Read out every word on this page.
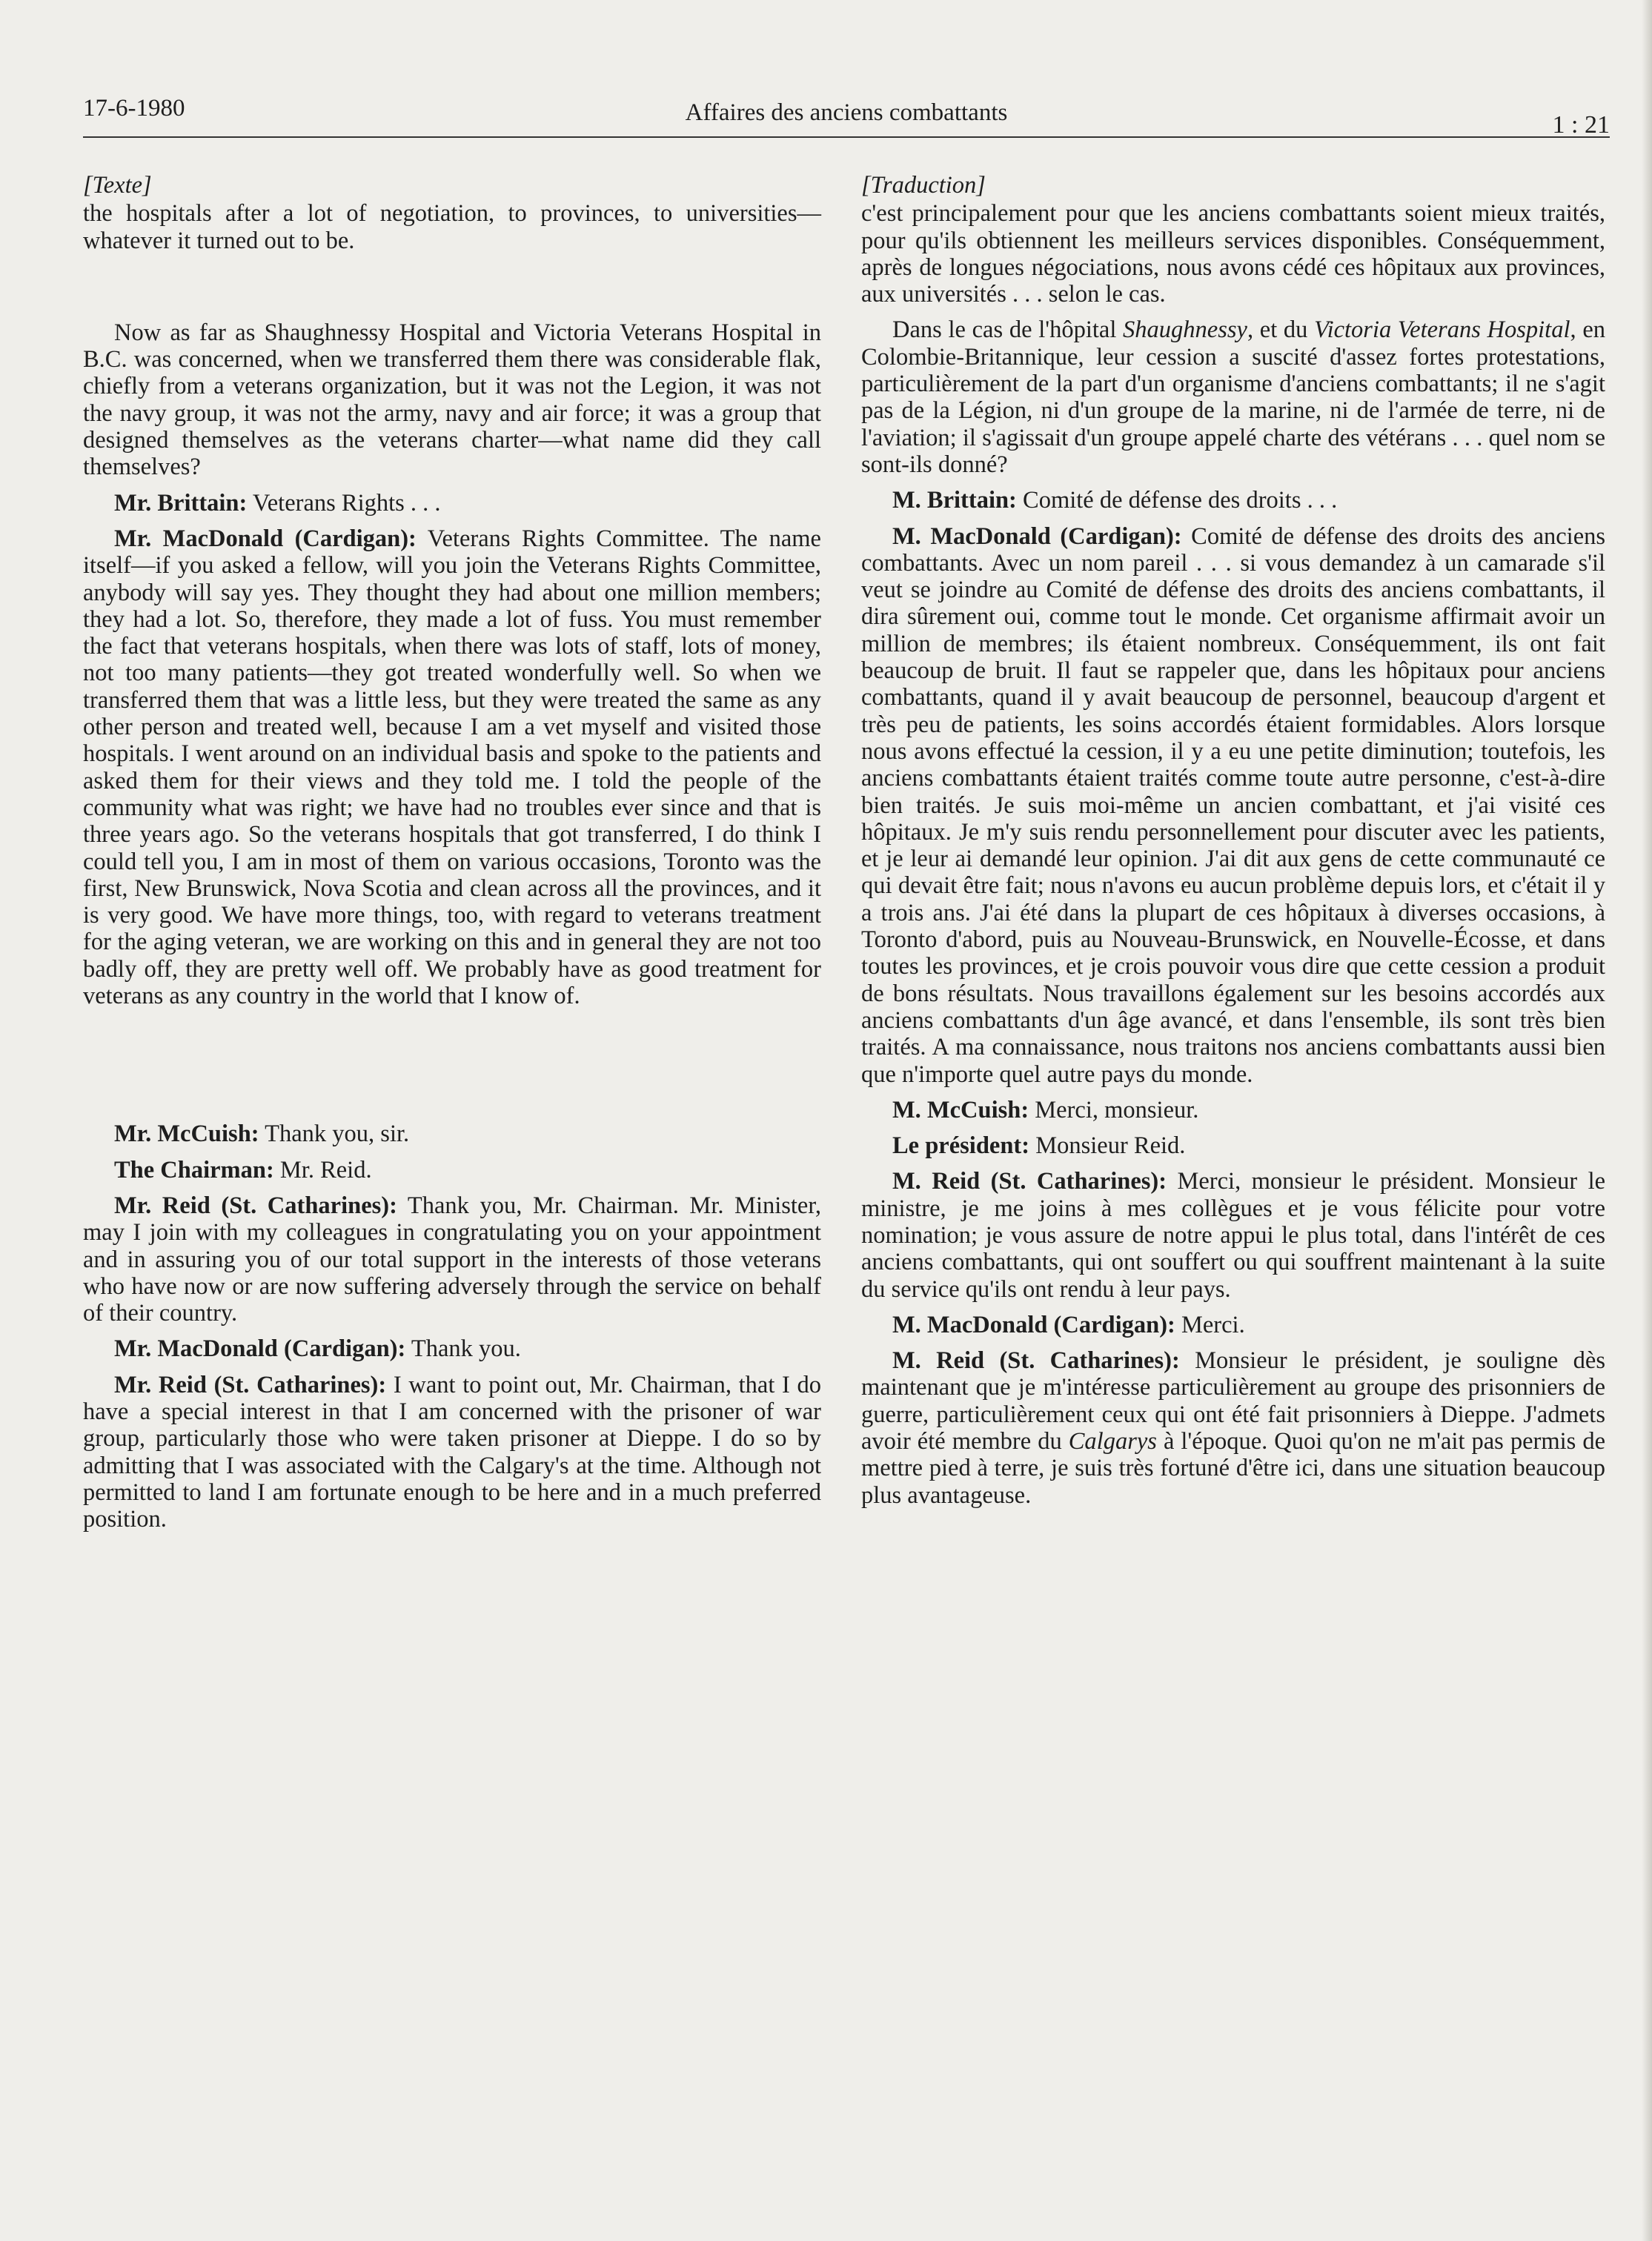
17-6-1980	Affaires des anciens combattants	1 : 21

[Texte]

the hospitals after a lot of negotiation, to provinces, to universities—whatever it turned out to be.

Now as far as Shaughnessy Hospital and Victoria Veterans Hospital in B.C. was concerned, when we transferred them there was considerable flak, chiefly from a veterans organization, but it was not the Legion, it was not the navy group, it was not the army, navy and air force; it was a group that designed themselves as the veterans charter—what name did they call themselves?

Mr. Brittain: Veterans Rights . . .

Mr. MacDonald (Cardigan): Veterans Rights Committee. The name itself—if you asked a fellow, will you join the Veterans Rights Committee, anybody will say yes. They thought they had about one million members; they had a lot. So, therefore, they made a lot of fuss. You must remember the fact that veterans hospitals, when there was lots of staff, lots of money, not too many patients—they got treated wonderfully well. So when we transferred them that was a little less, but they were treated the same as any other person and treated well, because I am a vet myself and visited those hospitals. I went around on an individual basis and spoke to the patients and asked them for their views and they told me. I told the people of the community what was right; we have had no troubles ever since and that is three years ago. So the veterans hospitals that got transferred, I do think I could tell you, I am in most of them on various occasions, Toronto was the first, New Brunswick, Nova Scotia and clean across all the provinces, and it is very good. We have more things, too, with regard to veterans treatment for the aging veteran, we are working on this and in general they are not too badly off, they are pretty well off. We probably have as good treatment for veterans as any country in the world that I know of.

Mr. McCuish: Thank you, sir.

The Chairman: Mr. Reid.

Mr. Reid (St. Catharines): Thank you, Mr. Chairman. Mr. Minister, may I join with my colleagues in congratulating you on your appointment and in assuring you of our total support in the interests of those veterans who have now or are now suffering adversely through the service on behalf of their country.

Mr. MacDonald (Cardigan): Thank you.

Mr. Reid (St. Catharines): I want to point out, Mr. Chairman, that I do have a special interest in that I am concerned with the prisoner of war group, particularly those who were taken prisoner at Dieppe. I do so by admitting that I was associated with the Calgary's at the time. Although not permitted to land I am fortunate enough to be here and in a much preferred position.

[Traduction]

c'est principalement pour que les anciens combattants soient mieux traités, pour qu'ils obtiennent les meilleurs services disponibles. Conséquemment, après de longues négociations, nous avons cédé ces hôpitaux aux provinces, aux universités . . . selon le cas.

Dans le cas de l'hôpital Shaughnessy, et du Victoria Veterans Hospital, en Colombie-Britannique, leur cession a suscité d'assez fortes protestations, particulièrement de la part d'un organisme d'anciens combattants; il ne s'agit pas de la Légion, ni d'un groupe de la marine, ni de l'armée de terre, ni de l'aviation; il s'agissait d'un groupe appelé charte des vétérans . . . quel nom se sont-ils donné?

M. Brittain: Comité de défense des droits . . .

M. MacDonald (Cardigan): Comité de défense des droits des anciens combattants. Avec un nom pareil . . . si vous demandez à un camarade s'il veut se joindre au Comité de défense des droits des anciens combattants, il dira sûrement oui, comme tout le monde. Cet organisme affirmait avoir un million de membres; ils étaient nombreux. Conséquemment, ils ont fait beaucoup de bruit. Il faut se rappeler que, dans les hôpitaux pour anciens combattants, quand il y avait beaucoup de personnel, beaucoup d'argent et très peu de patients, les soins accordés étaient formidables. Alors lorsque nous avons effectué la cession, il y a eu une petite diminution; toutefois, les anciens combattants étaient traités comme toute autre personne, c'est-à-dire bien traités. Je suis moi-même un ancien combattant, et j'ai visité ces hôpitaux. Je m'y suis rendu personnellement pour discuter avec les patients, et je leur ai demandé leur opinion. J'ai dit aux gens de cette communauté ce qui devait être fait; nous n'avons eu aucun problème depuis lors, et c'était il y a trois ans. J'ai été dans la plupart de ces hôpitaux à diverses occasions, à Toronto d'abord, puis au Nouveau-Brunswick, en Nouvelle-Écosse, et dans toutes les provinces, et je crois pouvoir vous dire que cette cession a produit de bons résultats. Nous travaillons également sur les besoins accordés aux anciens combattants d'un âge avancé, et dans l'ensemble, ils sont très bien traités. A ma connaissance, nous traitons nos anciens combattants aussi bien que n'importe quel autre pays du monde.

M. McCuish: Merci, monsieur.

Le président: Monsieur Reid.

M. Reid (St. Catharines): Merci, monsieur le président. Monsieur le ministre, je me joins à mes collègues et je vous félicite pour votre nomination; je vous assure de notre appui le plus total, dans l'intérêt de ces anciens combattants, qui ont souffert ou qui souffrent maintenant à la suite du service qu'ils ont rendu à leur pays.

M. MacDonald (Cardigan): Merci.

M. Reid (St. Catharines): Monsieur le président, je souligne dès maintenant que je m'intéresse particulièrement au groupe des prisonniers de guerre, particulièrement ceux qui ont été fait prisonniers à Dieppe. J'admets avoir été membre du Calgarys à l'époque. Quoi qu'on ne m'ait pas permis de mettre pied à terre, je suis très fortuné d'être ici, dans une situation beaucoup plus avantageuse.
